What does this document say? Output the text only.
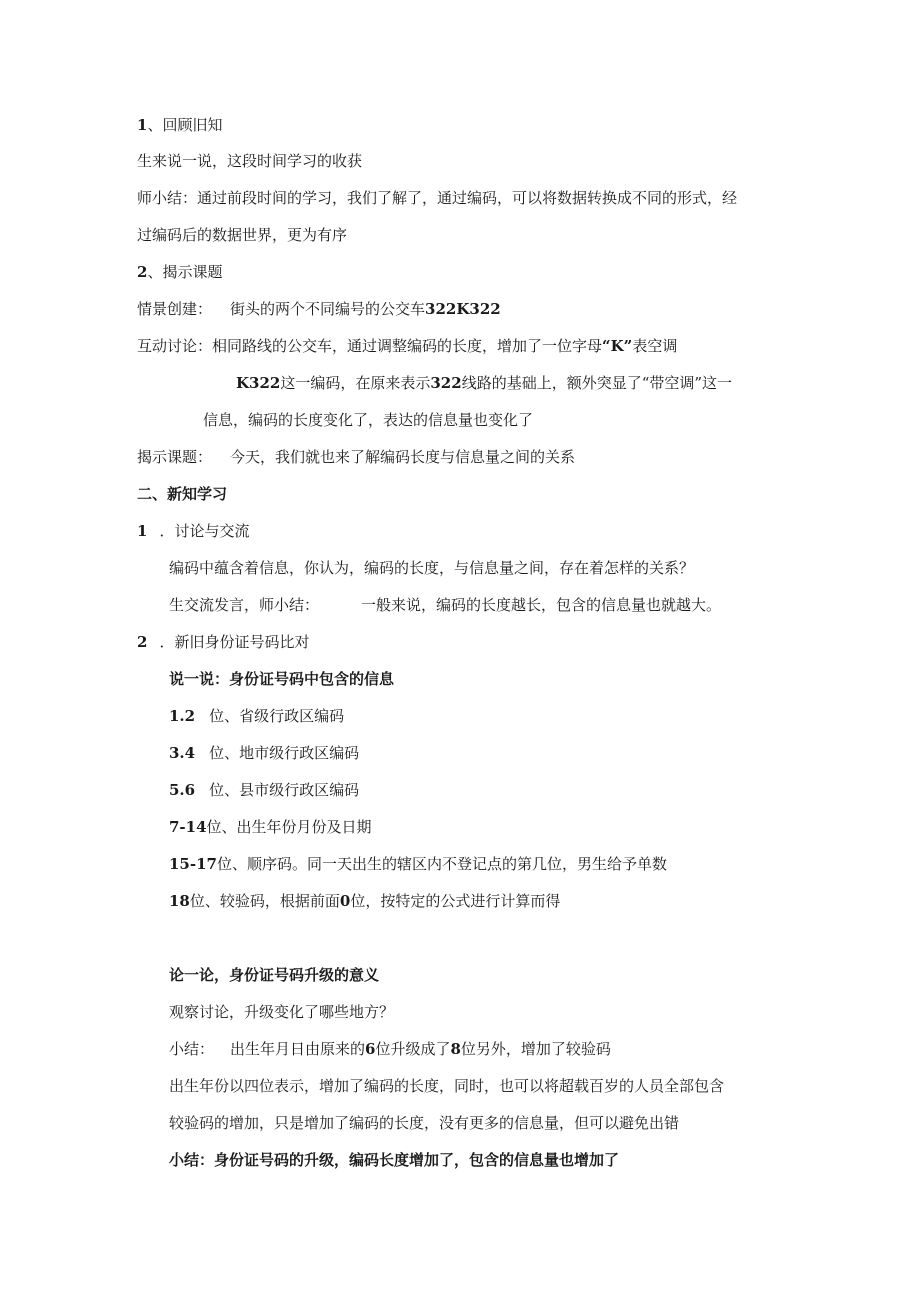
1、回顾旧知
生来说一说，这段时间学习的收获
师小结：通过前段时间的学习，我们了解了，通过编码，可以将数据转换成不同的形式，经
过编码后的数据世界，更为有序
2、揭示课题
情景创建： 街头的两个不同编号的公交车322K322
互动讨论：相同路线的公交车，通过调整编码的长度，增加了一位字母“K”表空调
K322这一编码，在原来表示322线路的基础上，额外突显了“带空调”这一
信息，编码的长度变化了，表达的信息量也变化了
揭示课题： 今天，我们就也来了解编码长度与信息量之间的关系
二、新知学习
1 ．讨论与交流
编码中蕴含着信息，你认为，编码的长度，与信息量之间，存在着怎样的关系？
生交流发言，师小结：	一般来说，编码的长度越长，包含的信息量也就越大。
2 ．新旧身份证号码比对
说一说：身份证号码中包含的信息
1.2 位、省级行政区编码
3.4 位、地市级行政区编码
5.6 位、县市级行政区编码
7-14位、出生年份月份及日期
15-17位、顺序码。同一天出生的辖区内不登记点的第几位，男生给予单数
18位、较验码，根据前面0位，按特定的公式进行计算而得
论一论，身份证号码升级的意义
观察讨论，升级变化了哪些地方？
小结： 出生年月日由原来的6位升级成了8位另外，增加了较验码
出生年份以四位表示，增加了编码的长度，同时，也可以将超载百岁的人员全部包含
较验码的增加，只是增加了编码的长度，没有更多的信息量，但可以避免出错
小结：身份证号码的升级，编码长度增加了，包含的信息量也增加了
